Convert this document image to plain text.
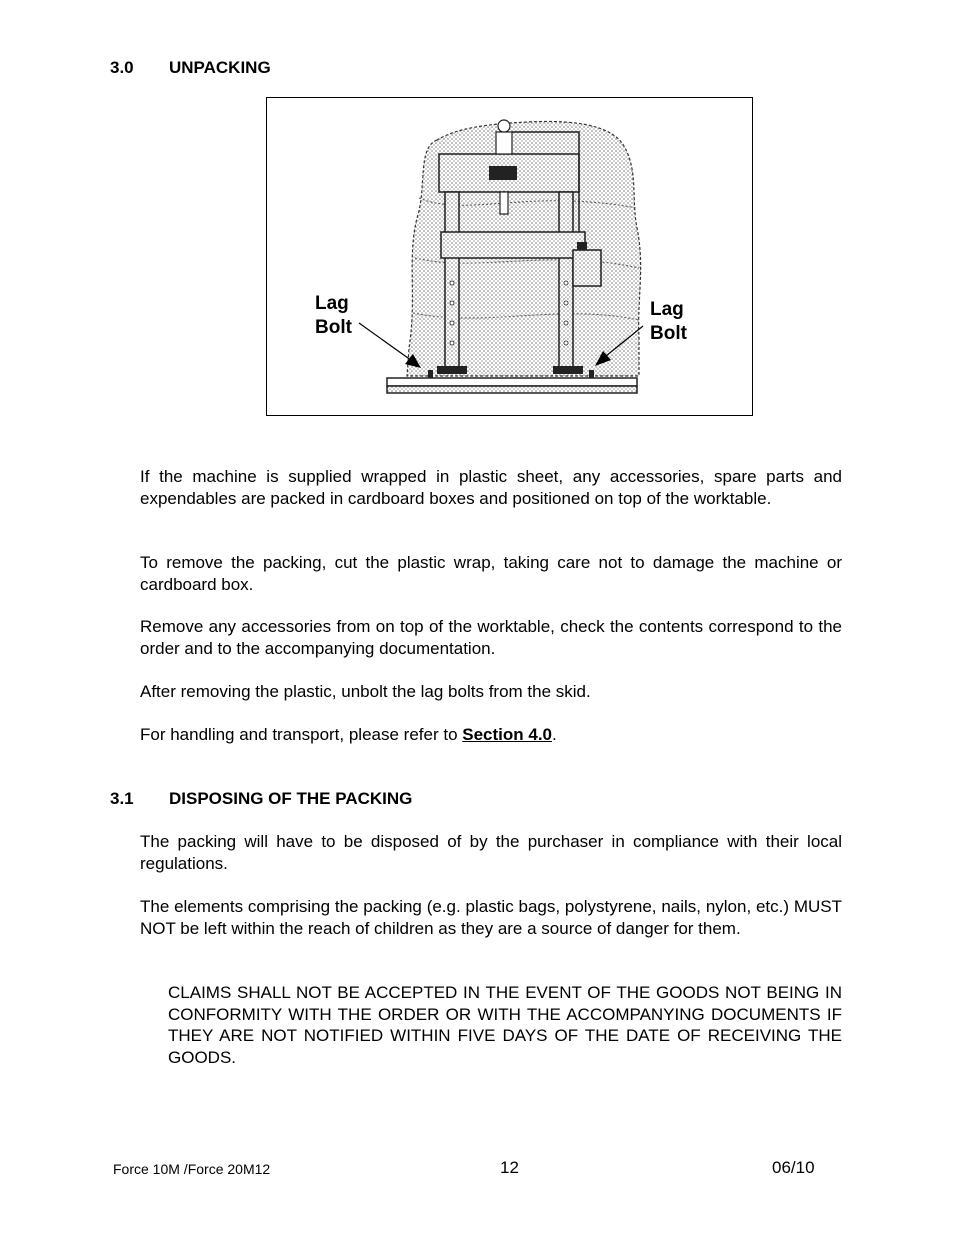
3.0 UNPACKING
Lag
Bolt
Lag
Bolt
If the machine is supplied wrapped in plastic sheet, any accessories, spare parts and expendables are packed in cardboard boxes and positioned on top of the worktable.
To remove the packing, cut the plastic wrap, taking care not to damage the machine or cardboard box.
Remove any accessories from on top of the worktable, check the contents correspond to the order and to the accompanying documentation.
After removing the plastic, unbolt the lag bolts from the skid.
For handling and transport, please refer to Section 4.0.
3.1 DISPOSING OF THE PACKING
The packing will have to be disposed of by the purchaser in compliance with their local regulations.
The elements comprising the packing (e.g. plastic bags, polystyrene, nails, nylon, etc.) MUST NOT be left within the reach of children as they are a source of danger for them.
CLAIMS SHALL NOT BE ACCEPTED IN THE EVENT OF THE GOODS NOT BEING IN CONFORMITY WITH THE ORDER OR WITH THE ACCOMPANYING DOCUMENTS IF THEY ARE NOT NOTIFIED WITHIN FIVE DAYS OF THE DATE OF RECEIVING THE GOODS.
Force 10M /Force 20M12	12	06/10
